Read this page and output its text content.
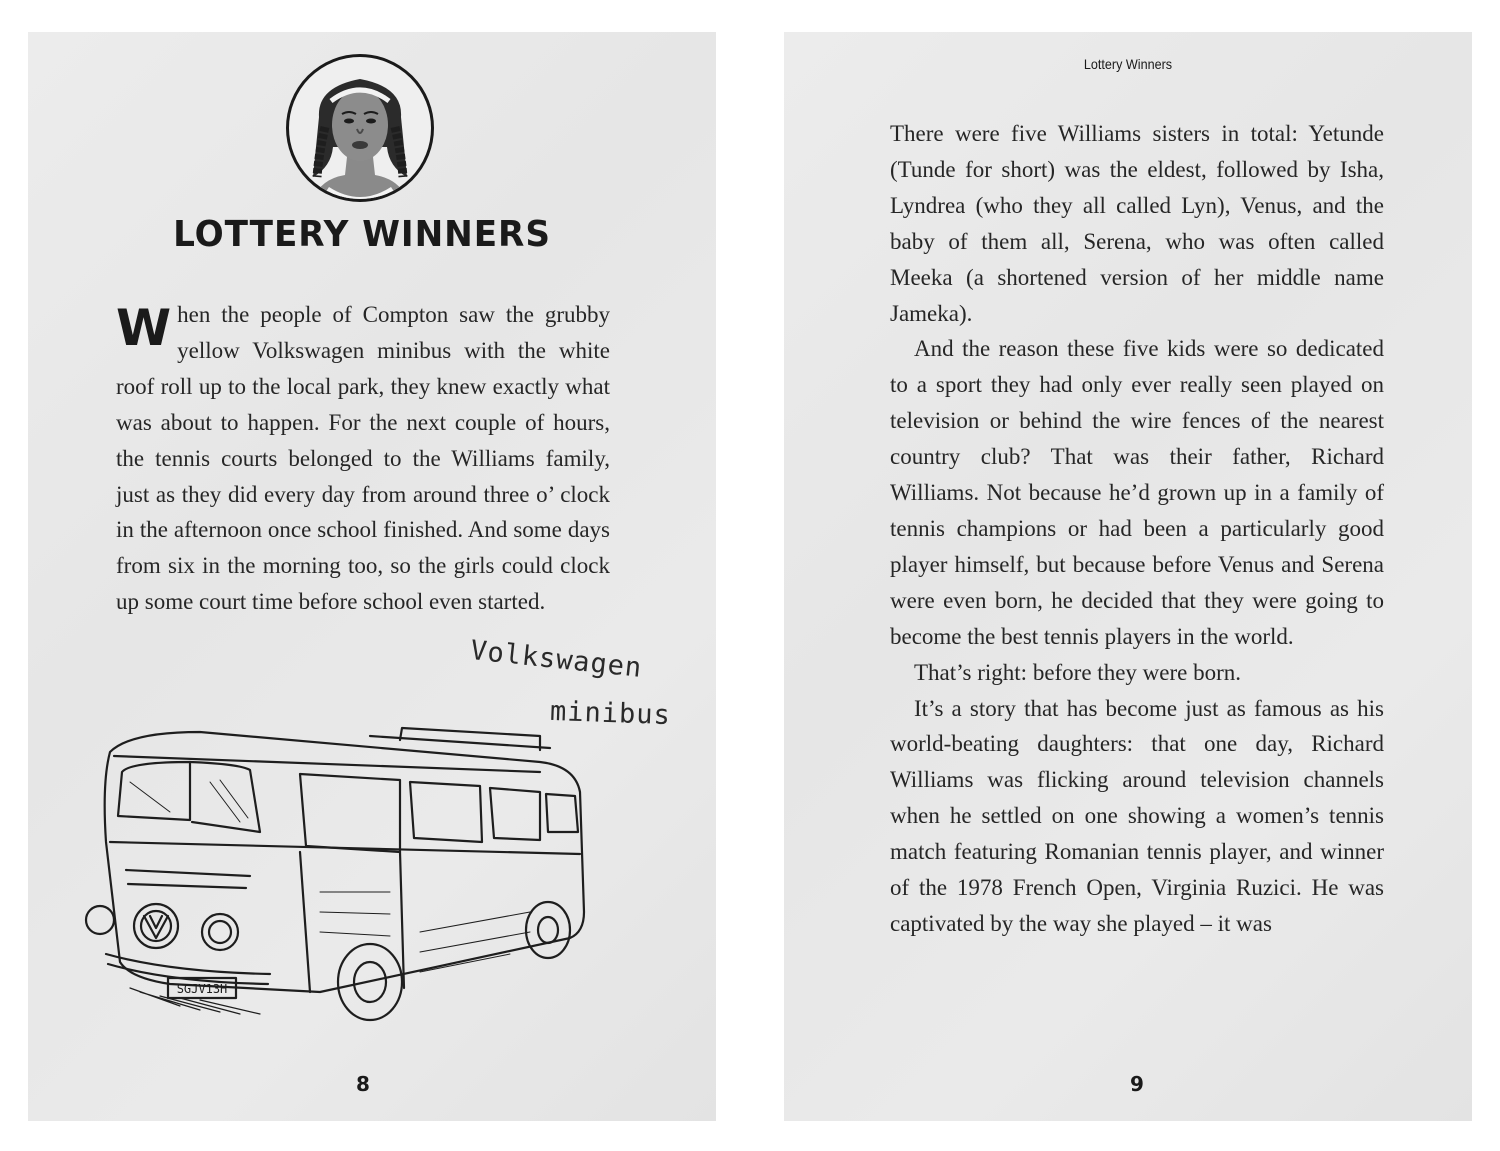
LOTTERY WINNERS

When the people of Compton saw the grubby yellow Volkswagen minibus with the white roof roll up to the local park, they knew exactly what was about to happen. For the next couple of hours, the tennis courts belonged to the Williams family, just as they did every day from around three o’ clock in the afternoon once school finished. And some days from six in the morning too, so the girls could clock up some court time before school even started.

Volkswagen
minibus
SGJV13H
8
Lottery Winners

There were five Williams sisters in total: Yetunde (Tunde for short) was the eldest, followed by Isha, Lyndrea (who they all called Lyn), Venus, and the baby of them all, Serena, who was often called Meeka (a shortened version of her middle name Jameka).

And the reason these five kids were so dedicated to a sport they had only ever really seen played on television or behind the wire fences of the nearest country club? That was their father, Richard Williams. Not because he’d grown up in a family of tennis champions or had been a particularly good player himself, but because before Venus and Serena were even born, he decided that they were going to become the best tennis players in the world.

That’s right: before they were born.

It’s a story that has become just as famous as his world-beating daughters: that one day, Richard Williams was flicking around television channels when he settled on one showing a women’s tennis match featuring Romanian tennis player, and winner of the 1978 French Open, Virginia Ruzici. He was captivated by the way she played – it was

9
